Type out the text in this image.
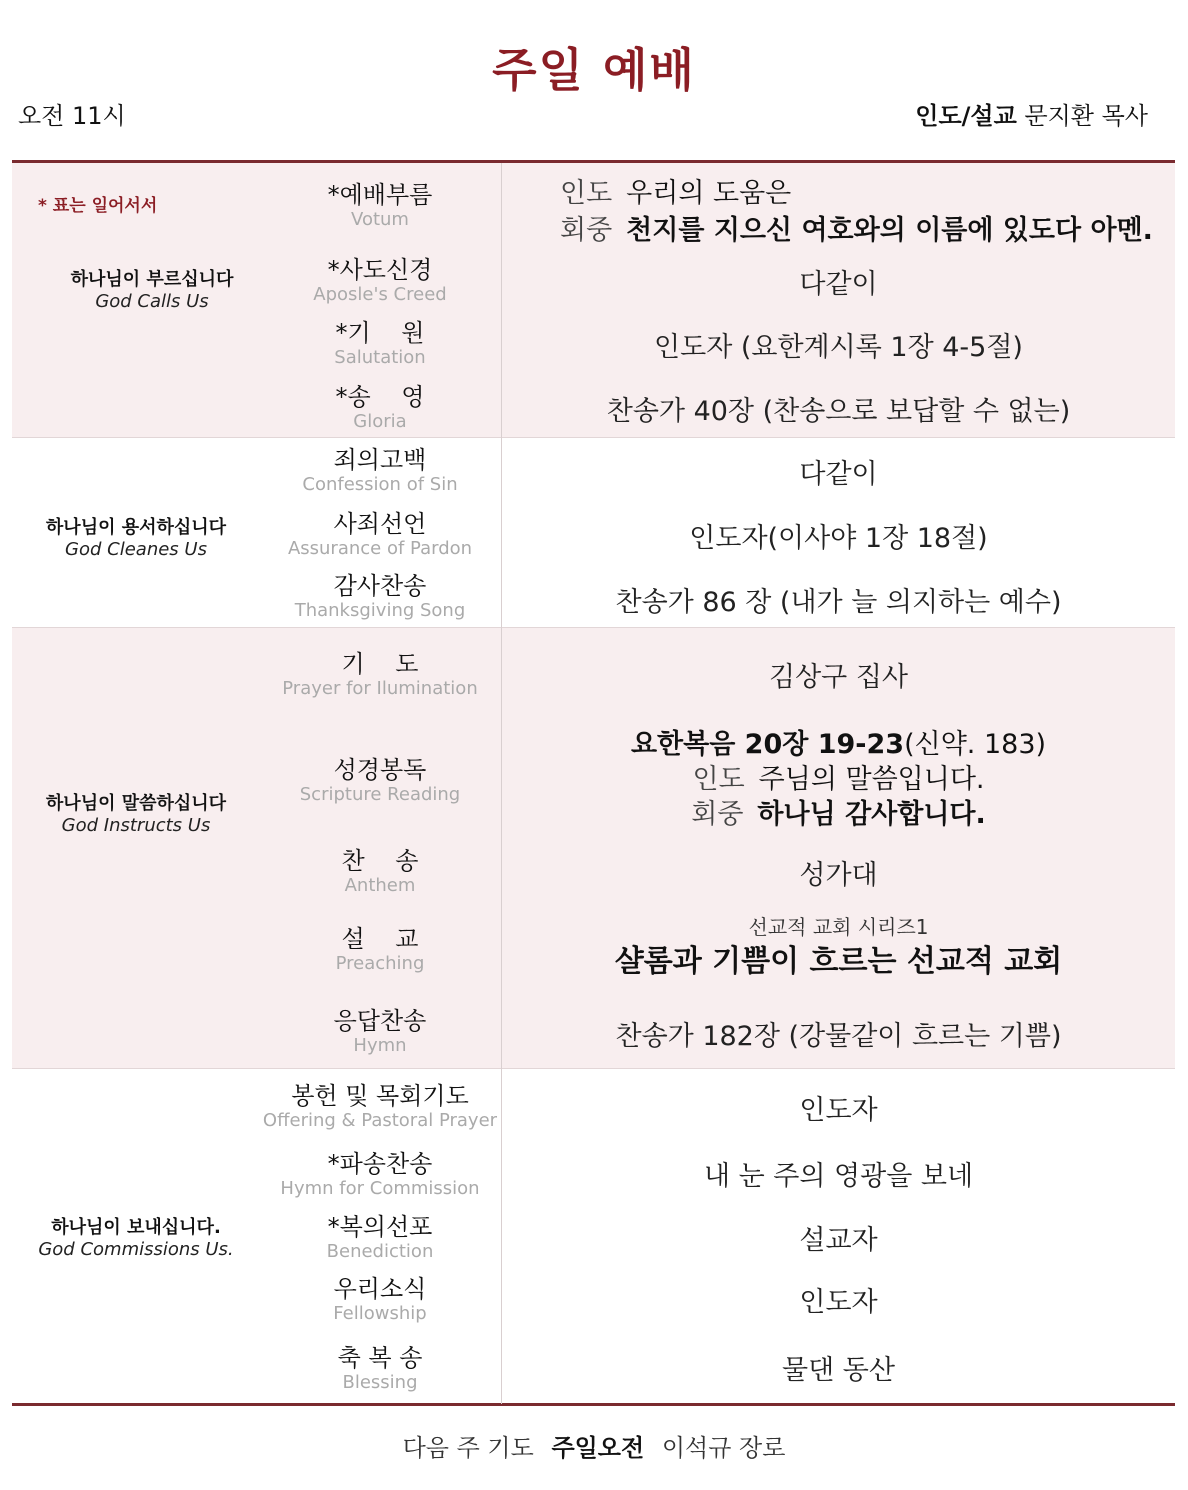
주일 예배
오전 11시	인도/설교 문지환 목사
* 표는 일어서서
하나님이 부르십니다
God Calls Us
하나님이 용서하십니다
God Cleanes Us
하나님이 말씀하십니다
God Instructs Us
하나님이 보내십니다.
God Commissions Us.
*예배부름
Votum
*사도신경
Aposle's Creed
*기    원
Salutation
*송    영
Gloria
죄의고백
Confession of Sin
사죄선언
Assurance of Pardon
감사찬송
Thanksgiving Song
기    도
Prayer for Ilumination
성경봉독
Scripture Reading
찬    송
Anthem
설    교
Preaching
응답찬송
Hymn
봉헌 및 목회기도
Offering & Pastoral Prayer
*파송찬송
Hymn for Commission
*복의선포
Benediction
우리소식
Fellowship
축 복 송
Blessing
인도 우리의 도움은
회중 천지를 지으신 여호와의 이름에 있도다 아멘.
다같이
인도자 (요한계시록 1장 4-5절)
찬송가 40장 (찬송으로 보답할 수 없는)
다같이
인도자(이사야 1장 18절)
찬송가 86 장 (내가 늘 의지하는 예수)
김상구 집사
요한복음 20장 19-23(신약. 183)
인도 주님의 말씀입니다.
회중 하나님 감사합니다.
성가대
선교적 교회 시리즈1
샬롬과 기쁨이 흐르는 선교적 교회
찬송가 182장 (강물같이 흐르는 기쁨)
인도자
내 눈 주의 영광을 보네
설교자
인도자
물댄 동산
다음 주 기도 주일오전 이석규 장로
